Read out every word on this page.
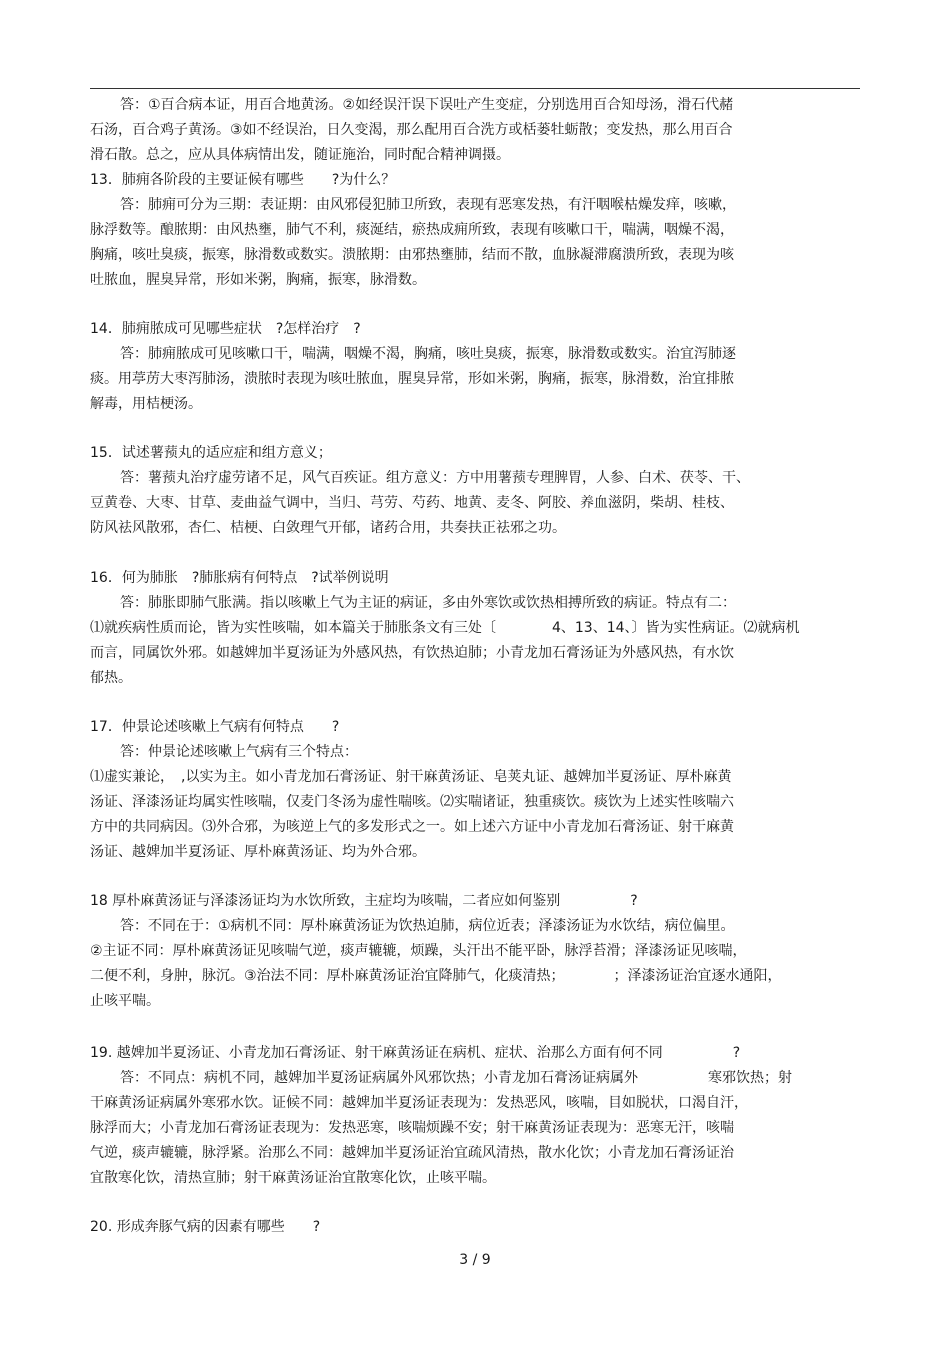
答：①百合病本证，用百合地黄汤。②如经误汗误下误吐产生变症，分别选用百合知母汤，滑石代赭
石汤，百合鸡子黄汤。③如不经误治，日久变渴，那么配用百合洗方或栝蒌牡蛎散；变发热，那么用百合
滑石散。总之，应从具体病情出发，随证施治，同时配合精神调摄。
13．肺痈各阶段的主要证候有哪些　　?为什么？
答：肺痈可分为三期：表证期：由风邪侵犯肺卫所致，表现有恶寒发热，有汗咽喉枯燥发痒，咳嗽，
脉浮数等。酿脓期：由风热壅，肺气不利，痰涎结，瘀热成痈所致，表现有咳嗽口干，喘满，咽燥不渴，
胸痛，咳吐臭痰，振寒，脉滑数或数实。溃脓期：由邪热壅肺，结而不散，血脉凝滞腐溃所致，表现为咳
吐脓血，腥臭异常，形如米粥，胸痛，振寒，脉滑数。
14．肺痈脓成可见哪些症状　?怎样治疗　?
答：肺痈脓成可见咳嗽口干，喘满，咽燥不渴，胸痛，咳吐臭痰，振寒，脉滑数或数实。治宜泻肺逐
痰。用葶苈大枣泻肺汤，溃脓时表现为咳吐脓血，腥臭异常，形如米粥，胸痛，振寒，脉滑数，治宜排脓
解毒，用桔梗汤。
15．试述薯蓣丸的适应症和组方意义；
答：薯蓣丸治疗虚劳诸不足，风气百疾证。组方意义：方中用薯蓣专理脾胃，人参、白术、茯苓、干、
豆黄卷、大枣、甘草、麦曲益气调中，当归、芎劳、芍药、地黄、麦冬、阿胶、养血滋阴，柴胡、桂枝、
防风祛风散邪，杏仁、桔梗、白敛理气开郁，诸药合用，共奏扶正祛邪之功。
16．何为肺胀　?肺胀病有何特点　?试举例说明
答：肺胀即肺气胀满。指以咳嗽上气为主证的病证，多由外寒饮或饮热相搏所致的病证。特点有二：
⑴就疾病性质而论，皆为实性咳喘，如本篇关于肺胀条文有三处〔　　　　4、13、14、〕皆为实性病证。⑵就病机
而言，同属饮外邪。如越婢加半夏汤证为外感风热，有饮热迫肺；小青龙加石膏汤证为外感风热，有水饮
郁热。
17．仲景论述咳嗽上气病有何特点　　?
答：仲景论述咳嗽上气病有三个特点：
⑴虚实兼论，　,以实为主。如小青龙加石膏汤证、射干麻黄汤证、皂荚丸证、越婢加半夏汤证、厚朴麻黄
汤证、泽漆汤证均属实性咳喘，仅麦门冬汤为虚性喘咳。⑵实喘诸证，独重痰饮。痰饮为上述实性咳喘六
方中的共同病因。⑶外合邪，为咳逆上气的多发形式之一。如上述六方证中小青龙加石膏汤证、射干麻黄
汤证、越婢加半夏汤证、厚朴麻黄汤证、均为外合邪。
18 厚朴麻黄汤证与泽漆汤证均为水饮所致，主症均为咳喘，二者应如何鉴别　　　　　?
答：不同在于：①病机不同：厚朴麻黄汤证为饮热迫肺，病位近表；泽漆汤证为水饮结，病位偏里。
②主证不同：厚朴麻黄汤证见咳喘气逆，痰声辘辘，烦躁，头汗出不能平卧，脉浮苔滑；泽漆汤证见咳喘，
二便不利，身肿，脉沉。③治法不同：厚朴麻黄汤证治宜降肺气，化痰清热；　　　　；泽漆汤证治宜逐水通阳，
止咳平喘。
19. 越婢加半夏汤证、小青龙加石膏汤证、射干麻黄汤证在病机、症状、治那么方面有何不同　　　　　?
答：不同点：病机不同，越婢加半夏汤证病属外风邪饮热；小青龙加石膏汤证病属外　　　　　寒邪饮热；射
干麻黄汤证病属外寒邪水饮。证候不同：越婢加半夏汤证表现为：发热恶风，咳喘，目如脱状，口渴自汗，
脉浮而大；小青龙加石膏汤证表现为：发热恶寒，咳喘烦躁不安；射干麻黄汤证表现为：恶寒无汗，咳喘
气逆，痰声辘辘，脉浮紧。治那么不同：越婢加半夏汤证治宜疏风清热，散水化饮；小青龙加石膏汤证治
宜散寒化饮，清热宣肺；射干麻黄汤证治宜散寒化饮，止咳平喘。
20. 形成奔豚气病的因素有哪些　　?
3 / 9
